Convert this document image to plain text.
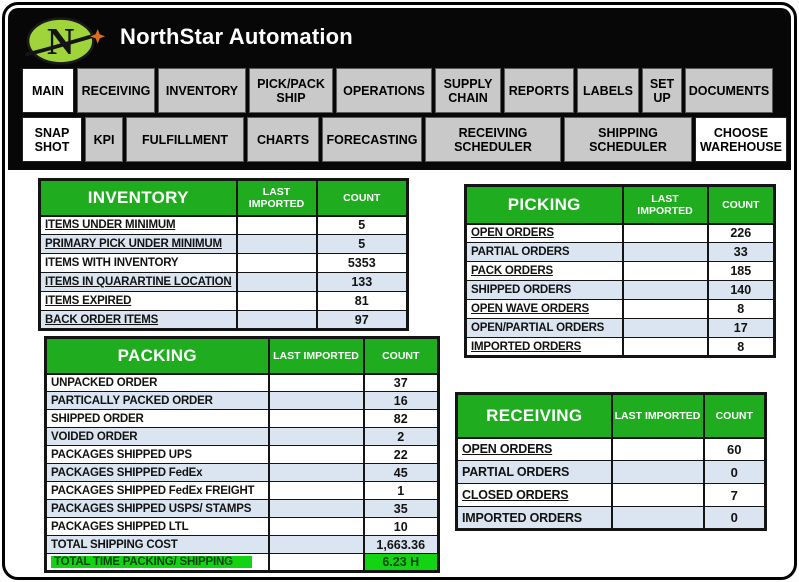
N NorthStar Automation
MAIN	RECEIVING	INVENTORY	PICK/PACK SHIP	OPERATIONS	SUPPLY CHAIN	REPORTS	LABELS	SET UP	DOCUMENTS
SNAP SHOT	KPI	FULFILLMENT	CHARTS	FORECASTING	RECEIVING SCHEDULER
SHIPPING SCHEDULER
CHOOSE WAREHOUSE
INVENTORY	LAST IMPORTED	COUNT
ITEMS UNDER MINIMUM		5
PRIMARY PICK UNDER MINIMUM		5
ITEMS WITH INVENTORY		5353
ITEMS IN QUARARTINE LOCATION		133
ITEMS EXPIRED		81
BACK ORDER ITEMS		97
PICKING	LAST IMPORTED	COUNT
OPEN ORDERS		226
PARTIAL ORDERS		33
PACK ORDERS		185
SHIPPED ORDERS		140
OPEN WAVE ORDERS		8
OPEN/PARTIAL ORDERS		17
IMPORTED ORDERS		8
PACKING	LAST IMPORTED	COUNT
UNPACKED ORDER		37
PARTICALLY PACKED ORDER		16
SHIPPED ORDER		82
VOIDED ORDER		2
PACKAGES SHIPPED UPS		22
PACKAGES SHIPPED FedEx		45
PACKAGES SHIPPED FedEx FREIGHT		1
PACKAGES SHIPPED USPS/ STAMPS		35
PACKAGES SHIPPED LTL		10
TOTAL SHIPPING COST		1,663.36
TOTAL TIME PACKING/ SHIPPING		6.23 H
RECEIVING	LAST IMPORTED	COUNT
OPEN ORDERS		60
PARTIAL ORDERS		0
CLOSED ORDERS		7
IMPORTED ORDERS		0
